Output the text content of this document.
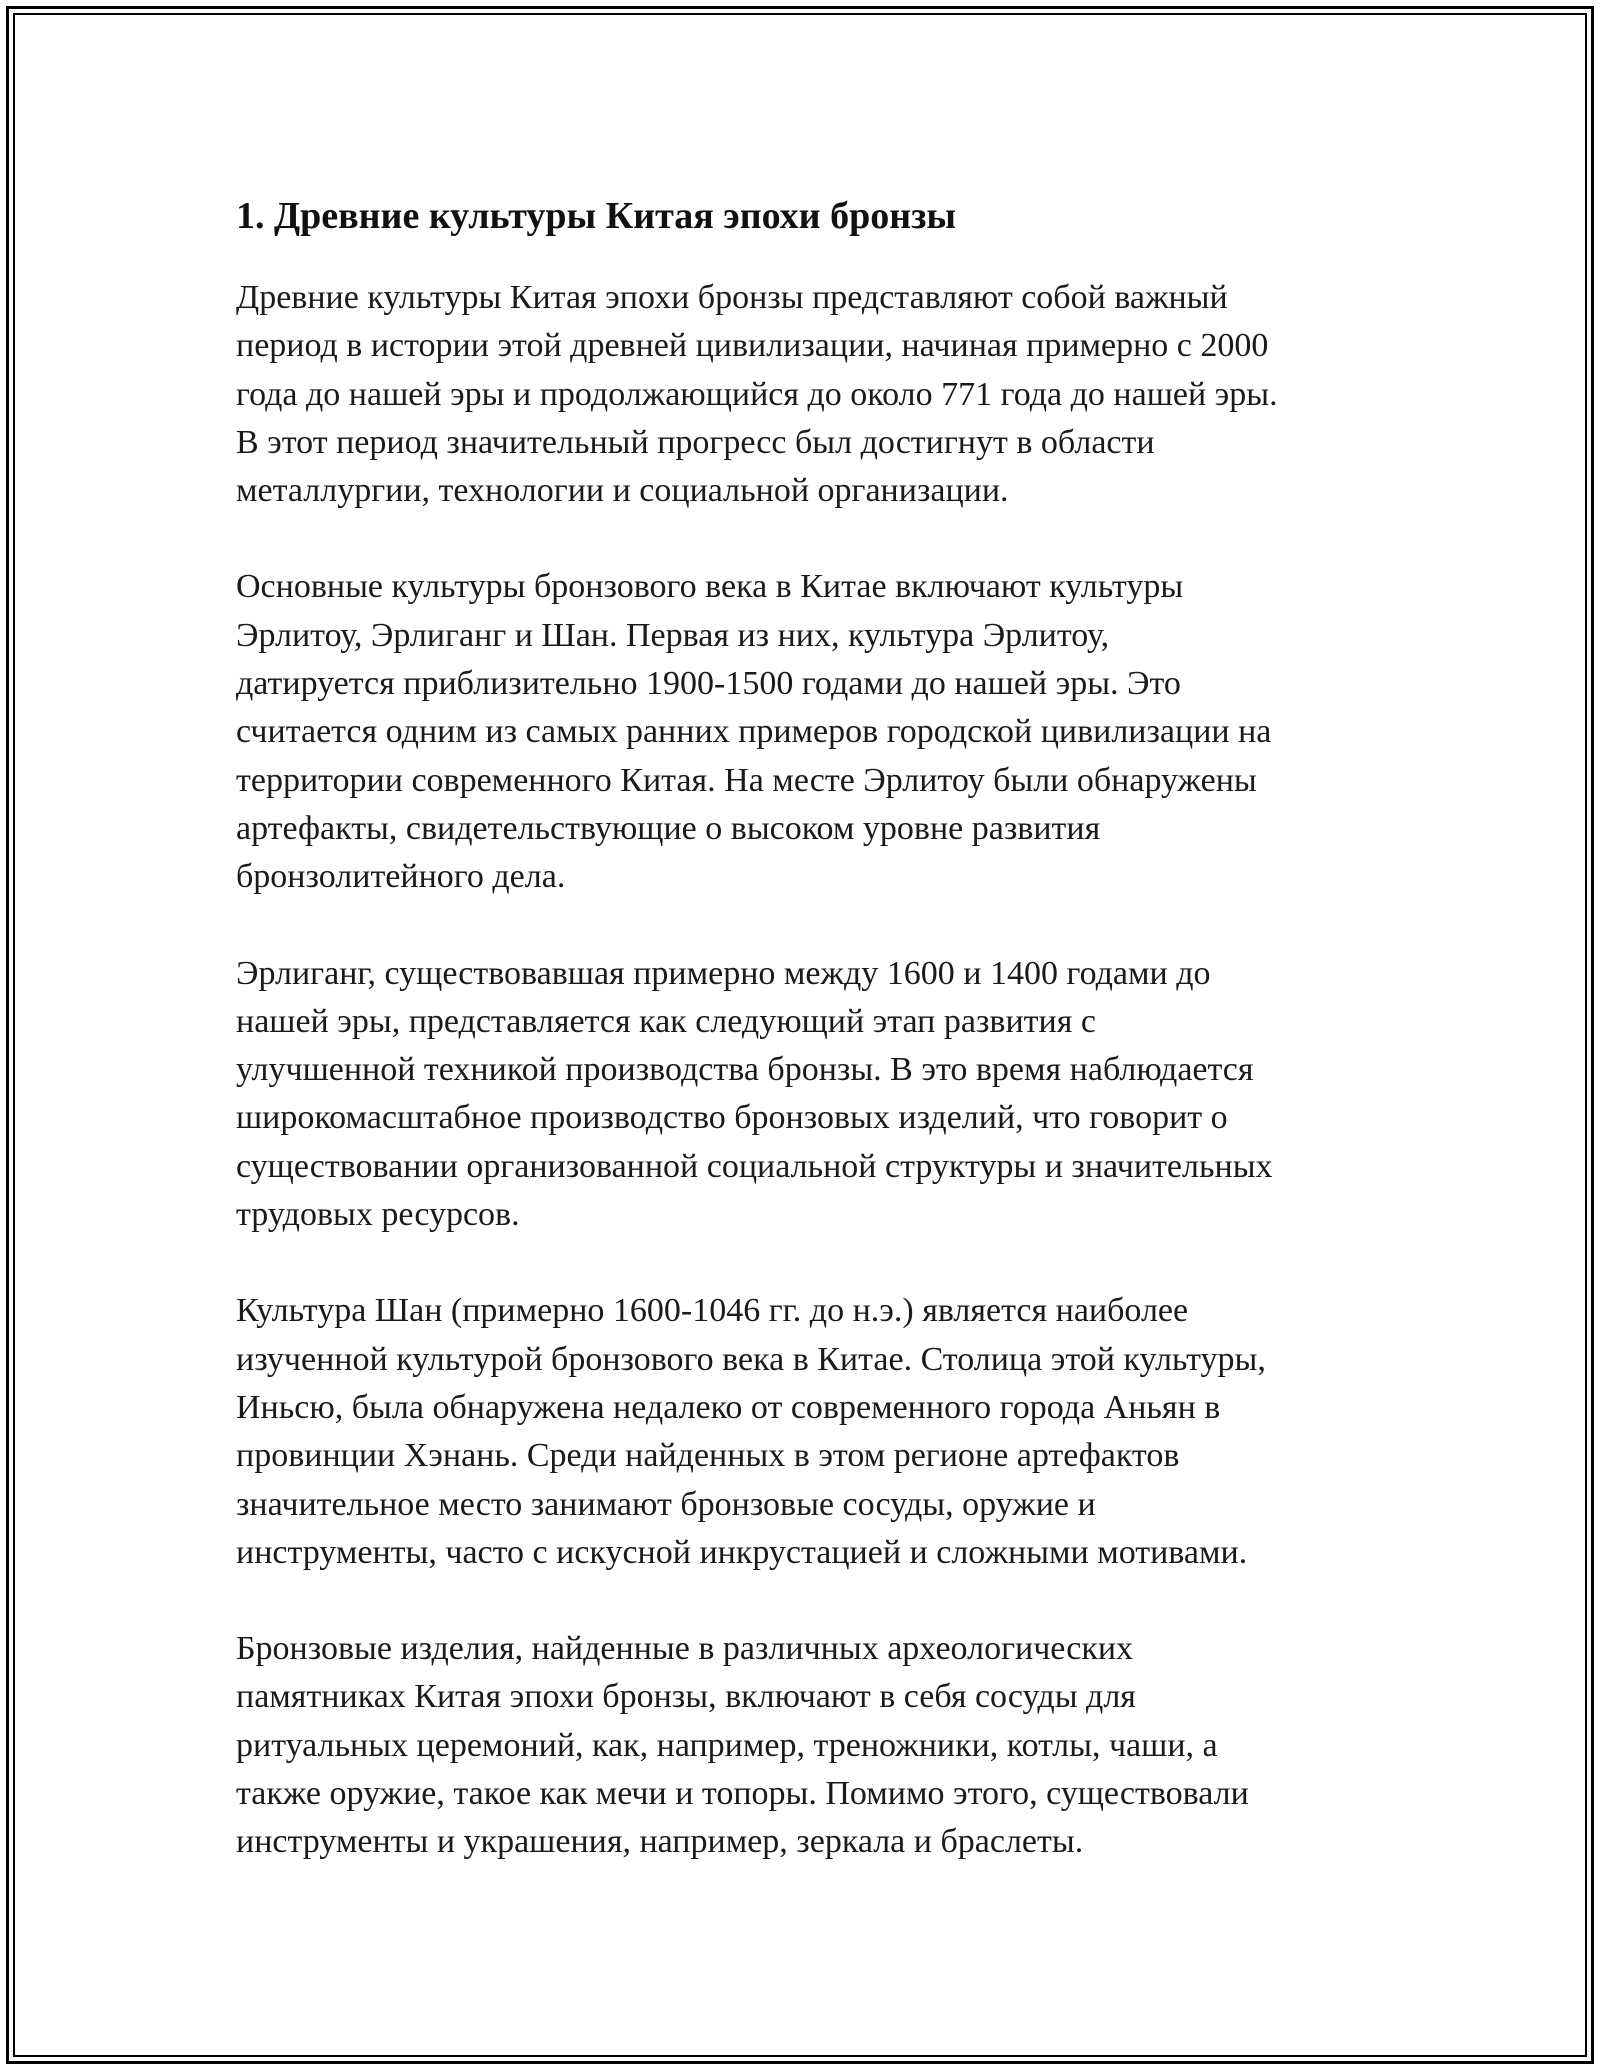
1. Древние культуры Китая эпохи бронзы

Древние культуры Китая эпохи бронзы представляют собой важный
период в истории этой древней цивилизации, начиная примерно с 2000
года до нашей эры и продолжающийся до около 771 года до нашей эры.
В этот период значительный прогресс был достигнут в области
металлургии, технологии и социальной организации.

Основные культуры бронзового века в Китае включают культуры
Эрлитоу, Эрлиганг и Шан. Первая из них, культура Эрлитоу,
датируется приблизительно 1900-1500 годами до нашей эры. Это
считается одним из самых ранних примеров городской цивилизации на
территории современного Китая. На месте Эрлитоу были обнаружены
артефакты, свидетельствующие о высоком уровне развития
бронзолитейного дела.

Эрлиганг, существовавшая примерно между 1600 и 1400 годами до
нашей эры, представляется как следующий этап развития с
улучшенной техникой производства бронзы. В это время наблюдается
широкомасштабное производство бронзовых изделий, что говорит о
существовании организованной социальной структуры и значительных
трудовых ресурсов.

Культура Шан (примерно 1600-1046 гг. до н.э.) является наиболее
изученной культурой бронзового века в Китае. Столица этой культуры,
Иньсю, была обнаружена недалеко от современного города Аньян в
провинции Хэнань. Среди найденных в этом регионе артефактов
значительное место занимают бронзовые сосуды, оружие и
инструменты, часто с искусной инкрустацией и сложными мотивами.

Бронзовые изделия, найденные в различных археологических
памятниках Китая эпохи бронзы, включают в себя сосуды для
ритуальных церемоний, как, например, треножники, котлы, чаши, а
также оружие, такое как мечи и топоры. Помимо этого, существовали
инструменты и украшения, например, зеркала и браслеты.
